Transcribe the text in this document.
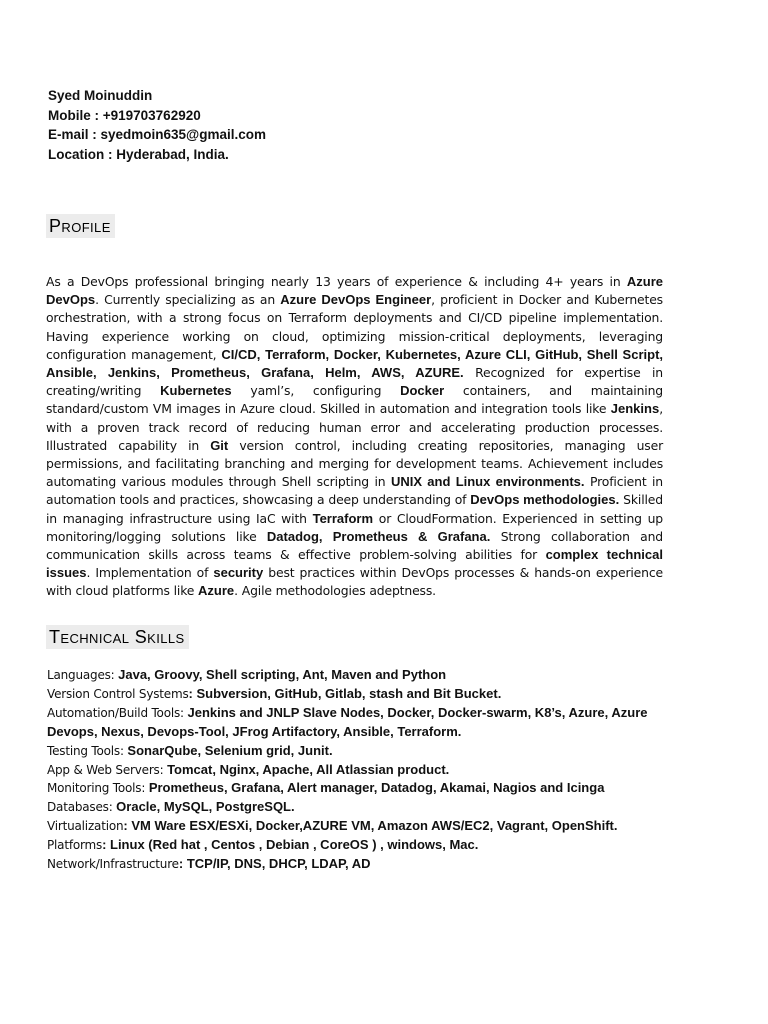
Syed Moinuddin
Mobile : +919703762920
E-mail : syedmoin635@gmail.com
Location : Hyderabad, India.
Profile
As a DevOps professional bringing nearly 13 years of experience & including 4+ years in Azure DevOps. Currently specializing as an Azure DevOps Engineer, proficient in Docker and Kubernetes orchestration, with a strong focus on Terraform deployments and CI/CD pipeline implementation. Having experience working on cloud, optimizing mission-critical deployments, leveraging configuration management, CI/CD, Terraform, Docker, Kubernetes, Azure CLI, GitHub, Shell Script, Ansible, Jenkins, Prometheus, Grafana, Helm, AWS, AZURE. Recognized for expertise in creating/writing Kubernetes yaml’s, configuring Docker containers, and maintaining standard/custom VM images in Azure cloud. Skilled in automation and integration tools like Jenkins, with a proven track record of reducing human error and accelerating production processes. Illustrated capability in Git version control, including creating repositories, managing user permissions, and facilitating branching and merging for development teams. Achievement includes automating various modules through Shell scripting in UNIX and Linux environments. Proficient in automation tools and practices, showcasing a deep understanding of DevOps methodologies. Skilled in managing infrastructure using IaC with Terraform or CloudFormation. Experienced in setting up monitoring/logging solutions like Datadog, Prometheus & Grafana. Strong collaboration and communication skills across teams & effective problem-solving abilities for complex technical issues. Implementation of security best practices within DevOps processes & hands-on experience with cloud platforms like Azure. Agile methodologies adeptness.
Technical Skills
Languages: Java, Groovy, Shell scripting, Ant, Maven and Python
Version Control Systems: Subversion, GitHub, Gitlab, stash and Bit Bucket.
Automation/Build Tools: Jenkins and JNLP Slave Nodes, Docker, Docker-swarm, K8’s, Azure, Azure Devops, Nexus, Devops-Tool, JFrog Artifactory, Ansible, Terraform.
Testing Tools: SonarQube, Selenium grid, Junit.
App & Web Servers: Tomcat, Nginx, Apache, All Atlassian product.
Monitoring Tools: Prometheus, Grafana, Alert manager, Datadog, Akamai, Nagios and Icinga
Databases: Oracle, MySQL, PostgreSQL.
Virtualization: VM Ware ESX/ESXi, Docker,AZURE VM, Amazon AWS/EC2, Vagrant, OpenShift.
Platforms: Linux (Red hat , Centos , Debian , CoreOS ) , windows, Mac.
Network/Infrastructure: TCP/IP, DNS, DHCP, LDAP, AD
